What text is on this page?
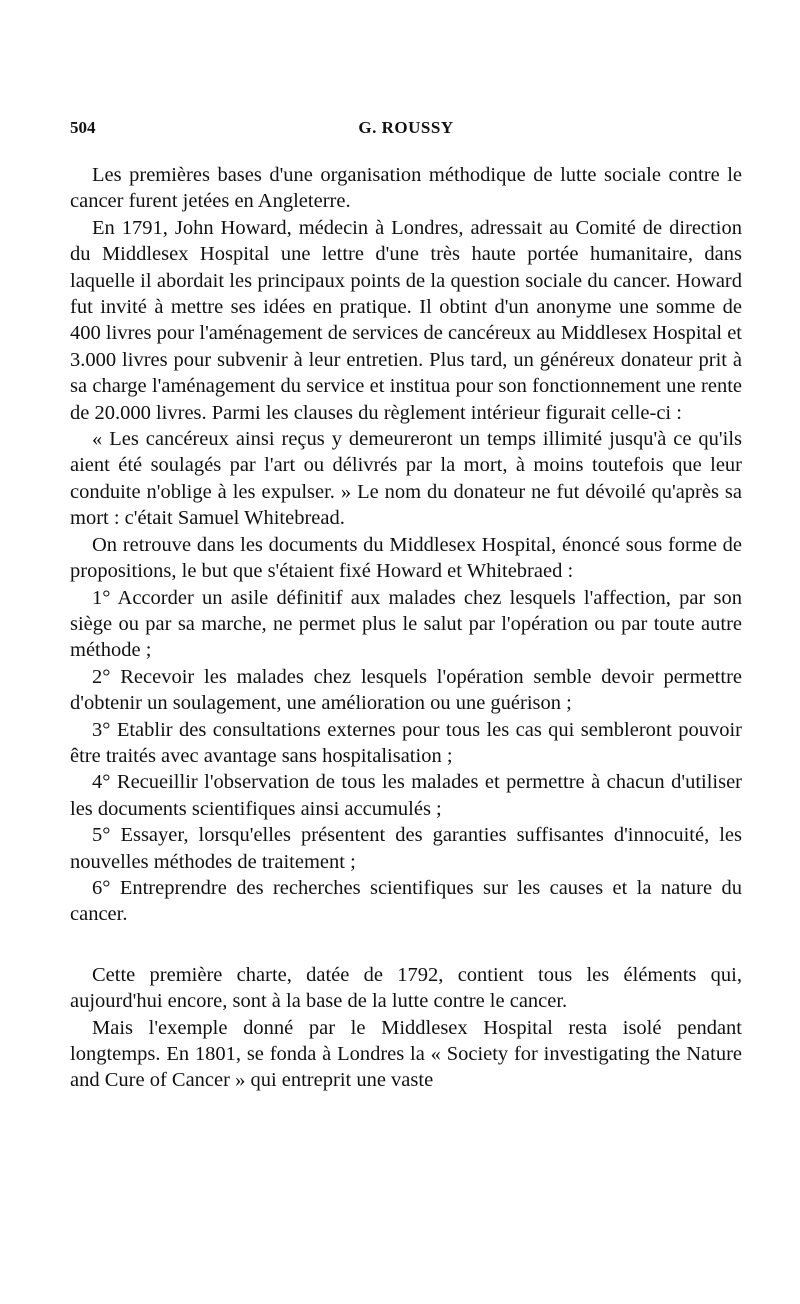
504	G. ROUSSY

Les premières bases d'une organisation méthodique de lutte sociale contre le cancer furent jetées en Angleterre.

En 1791, John Howard, médecin à Londres, adressait au Comité de direction du Middlesex Hospital une lettre d'une très haute portée humanitaire, dans laquelle il abordait les principaux points de la question sociale du cancer. Howard fut invité à mettre ses idées en pratique. Il obtint d'un anonyme une somme de 400 livres pour l'aménagement de services de cancéreux au Middlesex Hospital et 3.000 livres pour subvenir à leur entretien. Plus tard, un généreux donateur prit à sa charge l'aménagement du service et institua pour son fonctionnement une rente de 20.000 livres. Parmi les clauses du règlement intérieur figurait celle-ci :

« Les cancéreux ainsi reçus y demeureront un temps illimité jusqu'à ce qu'ils aient été soulagés par l'art ou délivrés par la mort, à moins toutefois que leur conduite n'oblige à les expulser. » Le nom du donateur ne fut dévoilé qu'après sa mort : c'était Samuel Whitebread.

On retrouve dans les documents du Middlesex Hospital, énoncé sous forme de propositions, le but que s'étaient fixé Howard et Whitebraed :

1° Accorder un asile définitif aux malades chez lesquels l'affection, par son siège ou par sa marche, ne permet plus le salut par l'opération ou par toute autre méthode ;

2° Recevoir les malades chez lesquels l'opération semble devoir permettre d'obtenir un soulagement, une amélioration ou une guérison ;

3° Etablir des consultations externes pour tous les cas qui sembleront pouvoir être traités avec avantage sans hospitalisation ;

4° Recueillir l'observation de tous les malades et permettre à chacun d'utiliser les documents scientifiques ainsi accumulés ;

5° Essayer, lorsqu'elles présentent des garanties suffisantes d'innocuité, les nouvelles méthodes de traitement ;

6° Entreprendre des recherches scientifiques sur les causes et la nature du cancer.

Cette première charte, datée de 1792, contient tous les éléments qui, aujourd'hui encore, sont à la base de la lutte contre le cancer.

Mais l'exemple donné par le Middlesex Hospital resta isolé pendant longtemps. En 1801, se fonda à Londres la « Society for investigating the Nature and Cure of Cancer » qui entreprit une vaste
